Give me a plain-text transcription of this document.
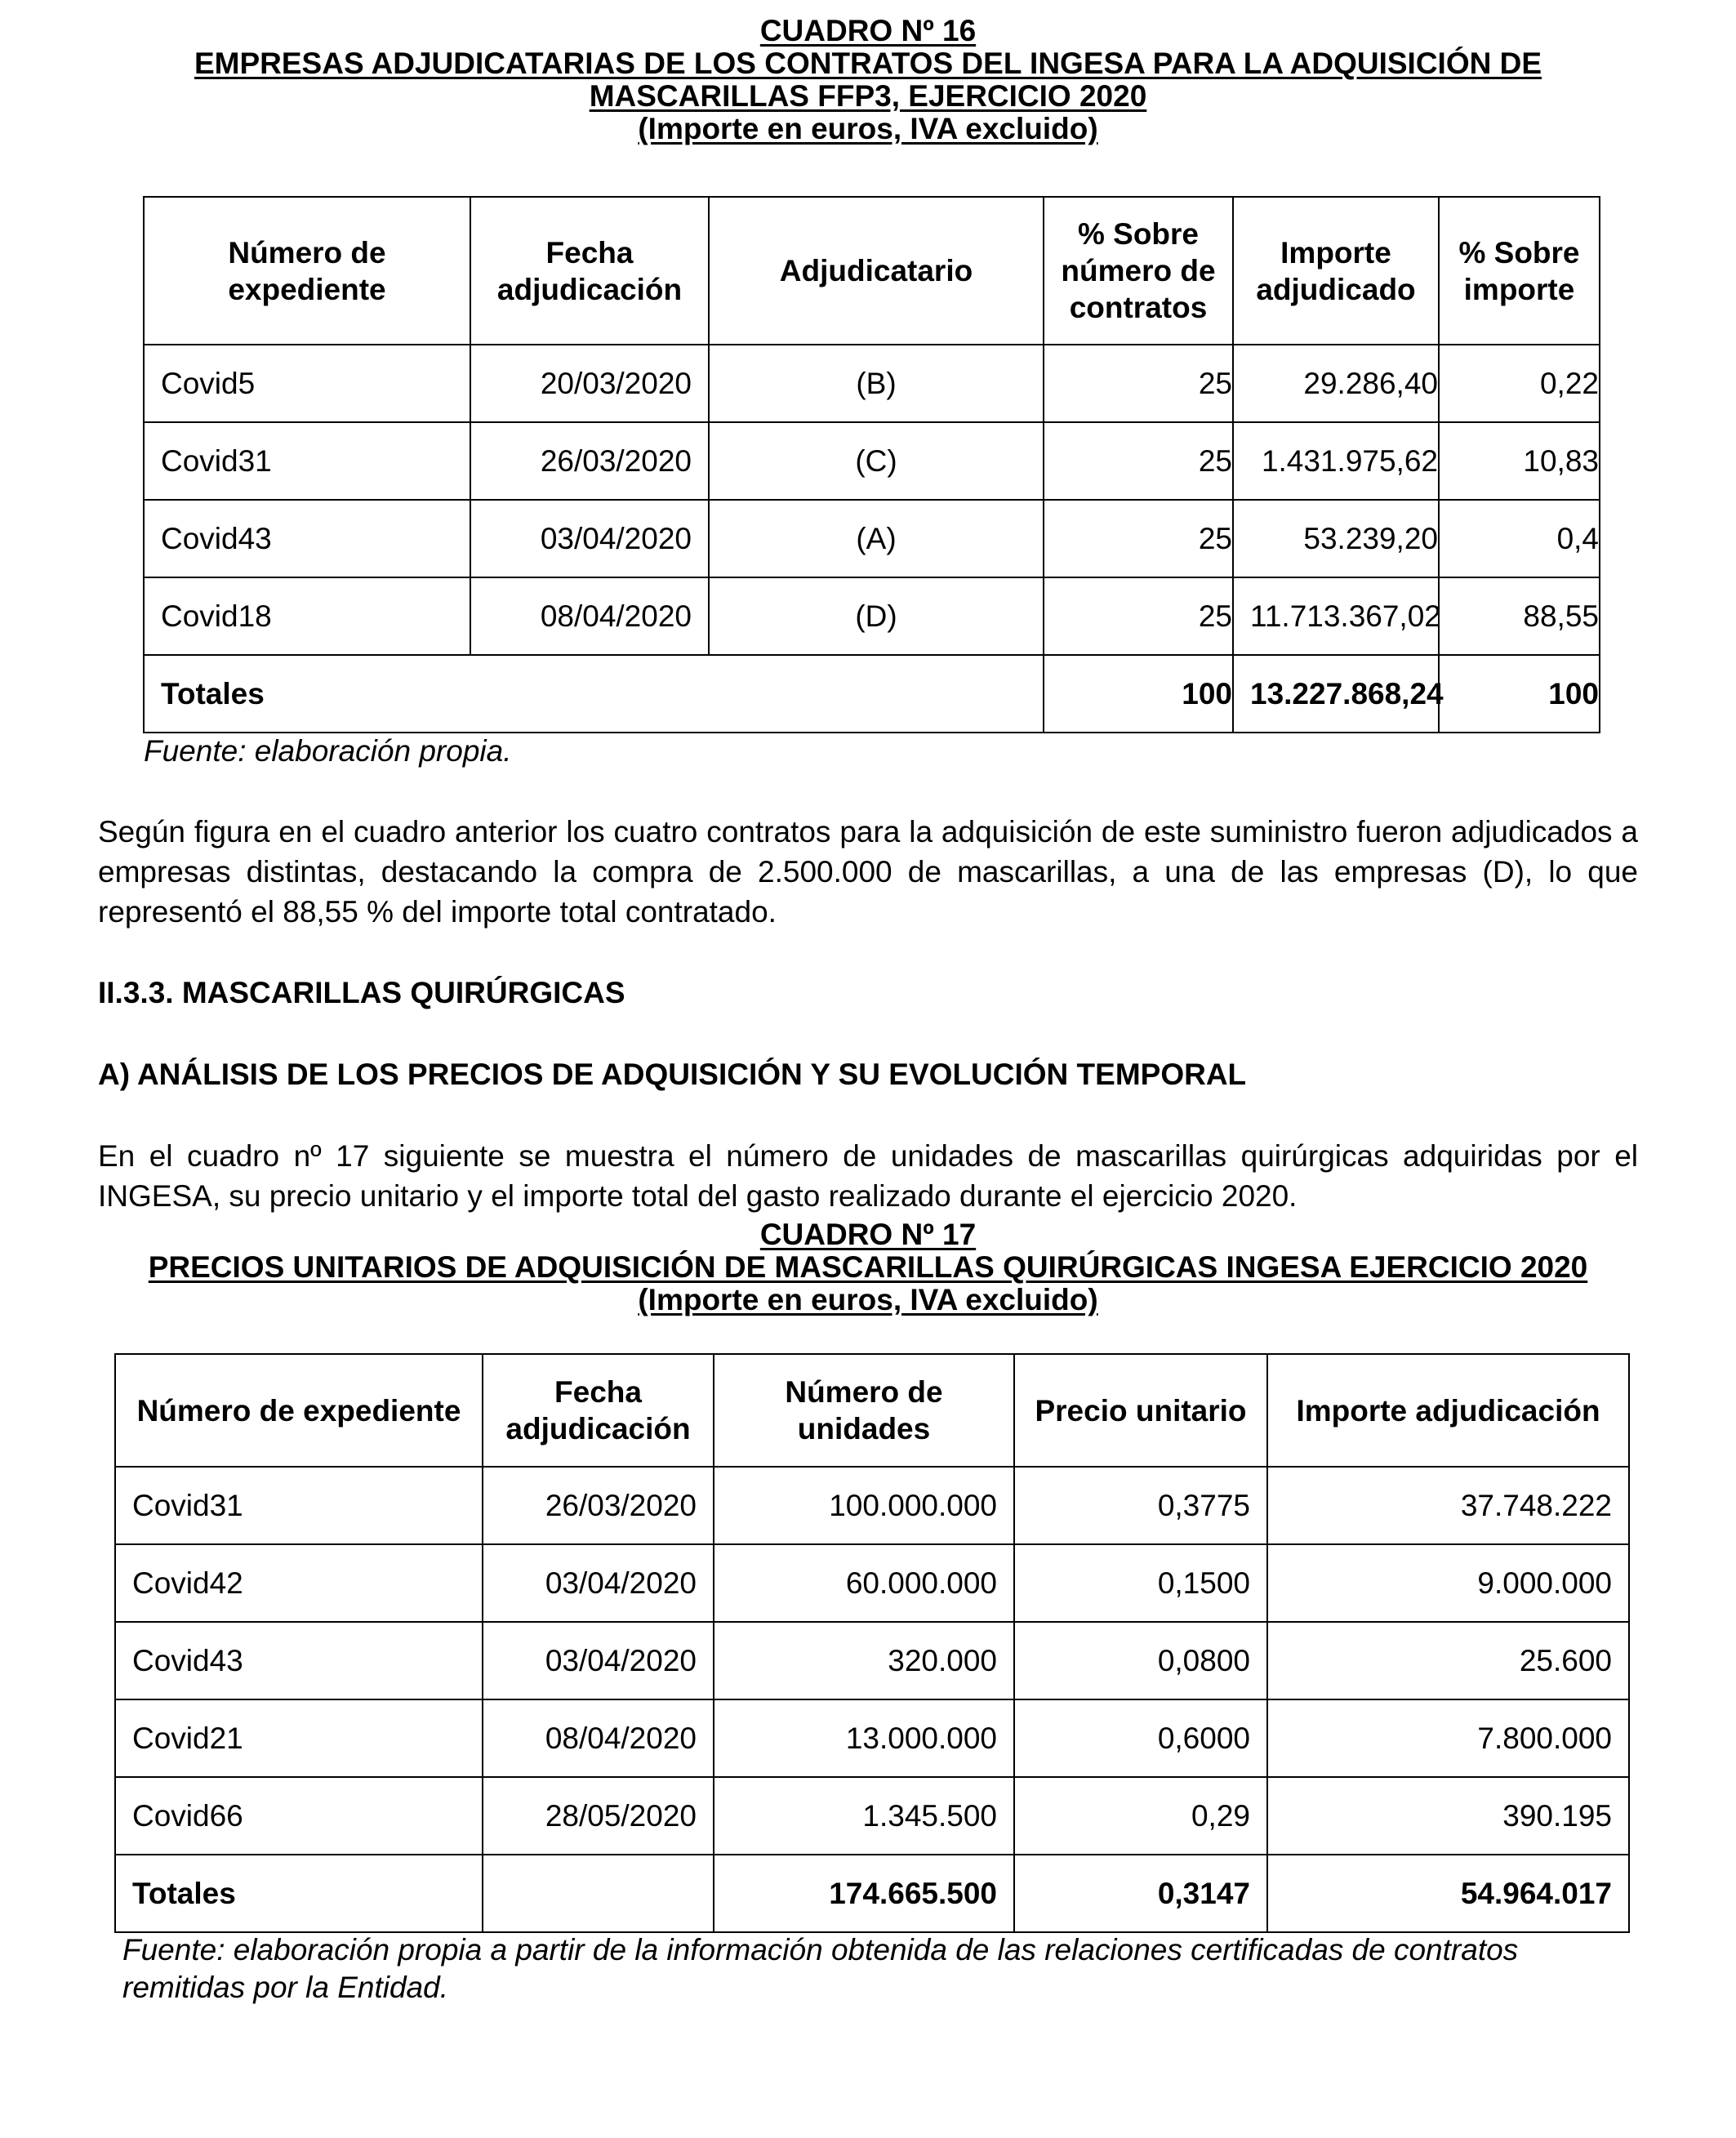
CUADRO Nº 16
EMPRESAS ADJUDICATARIAS DE LOS CONTRATOS DEL INGESA PARA LA ADQUISICIÓN DE
MASCARILLAS FFP3, EJERCICIO 2020
(Importe en euros, IVA excluido)
Número de expediente	Fecha adjudicación	Adjudicatario	% Sobre número de contratos	Importe adjudicado	% Sobre importe
Covid5	20/03/2020	(B)	25	29.286,40	0,22
Covid31	26/03/2020	(C)	25	1.431.975,62	10,83
Covid43	03/04/2020	(A)	25	53.239,20	0,4
Covid18	08/04/2020	(D)	25	11.713.367,02	88,55
Totales			100	13.227.868,24	100
Fuente: elaboración propia.

Según figura en el cuadro anterior los cuatro contratos para la adquisición de este suministro fueron adjudicados a empresas distintas, destacando la compra de 2.500.000 de mascarillas, a una de las empresas (D), lo que representó el 88,55 % del importe total contratado.

II.3.3. MASCARILLAS QUIRÚRGICAS
A) ANÁLISIS DE LOS PRECIOS DE ADQUISICIÓN Y SU EVOLUCIÓN TEMPORAL

En el cuadro nº 17 siguiente se muestra el número de unidades de mascarillas quirúrgicas adquiridas por el INGESA, su precio unitario y el importe total del gasto realizado durante el ejercicio 2020.

CUADRO Nº 17
PRECIOS UNITARIOS DE ADQUISICIÓN DE MASCARILLAS QUIRÚRGICAS INGESA EJERCICIO 2020
(Importe en euros, IVA excluido)
Número de expediente	Fecha adjudicación	Número de unidades	Precio unitario	Importe adjudicación
Covid31	26/03/2020	100.000.000	0,3775	37.748.222
Covid42	03/04/2020	60.000.000	0,1500	9.000.000
Covid43	03/04/2020	320.000	0,0800	25.600
Covid21	08/04/2020	13.000.000	0,6000	7.800.000
Covid66	28/05/2020	1.345.500	0,29	390.195
Totales		174.665.500	0,3147	54.964.017
Fuente: elaboración propia a partir de la información obtenida de las relaciones certificadas de contratos
remitidas por la Entidad.
